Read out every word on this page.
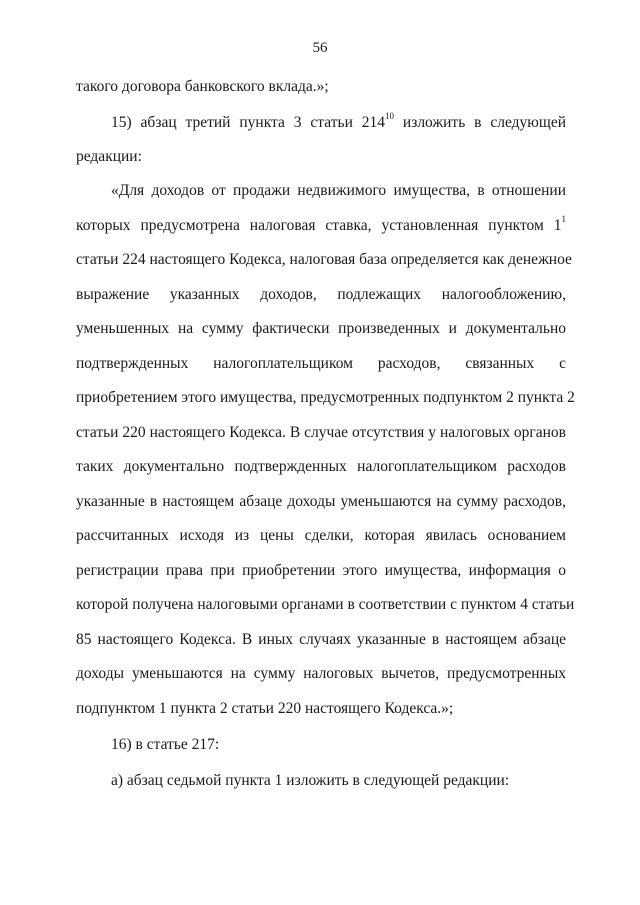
56
такого договора банковского вклада.»;
15) абзац третий пункта 3 статьи $214^{10}$ изложить в следующей
редакции:
«Для доходов от продажи недвижимого имущества, в отношении
которых предусмотрена налоговая ставка, установленная пунктом $1^1$
статьи 224 настоящего Кодекса, налоговая база определяется как денежное
выражение указанных доходов, подлежащих налогообложению,
уменьшенных на сумму фактически произведенных и документально
подтвержденных налогоплательщиком расходов, связанных с
приобретением этого имущества, предусмотренных подпунктом 2 пункта 2
статьи 220 настоящего Кодекса. В случае отсутствия у налоговых органов
таких документально подтвержденных налогоплательщиком расходов
указанные в настоящем абзаце доходы уменьшаются на сумму расходов,
рассчитанных исходя из цены сделки, которая явилась основанием
регистрации права при приобретении этого имущества, информация о
которой получена налоговыми органами в соответствии с пунктом 4 статьи
85 настоящего Кодекса. В иных случаях указанные в настоящем абзаце
доходы уменьшаются на сумму налоговых вычетов, предусмотренных
подпунктом 1 пункта 2 статьи 220 настоящего Кодекса.»;
16) в статье 217:
а) абзац седьмой пункта 1 изложить в следующей редакции:
